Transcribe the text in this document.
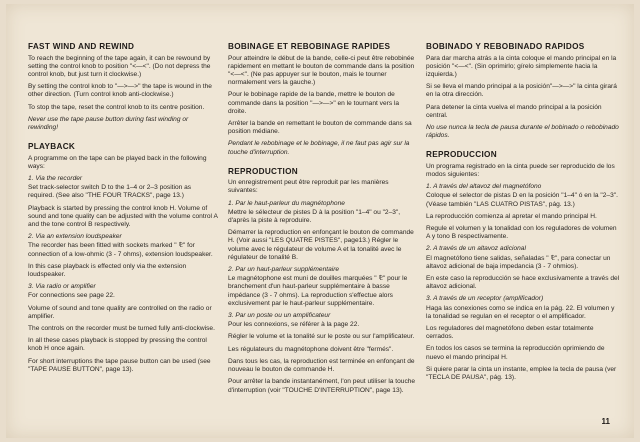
FAST WIND AND REWIND

To reach the beginning of the tape again, it can be rewound by setting the control knob to position "<—<". (Do not depress the control knob, but just turn it clockwise.)

By setting the control knob to "—>—>" the tape is wound in the other direction. (Turn control knob anti-clockwise.)

To stop the tape, reset the control knob to its centre position.

Never use the tape pause button during fast winding or rewinding!

PLAYBACK

A programme on the tape can be played back in the following ways:

1. Via the recorder

Set track-selector switch D to the 1–4 or 2–3 position as required. (See also "THE FOUR TRACKS", page 13.)

Playback is started by pressing the control knob H. Volume of sound and tone quality can be adjusted with the volume control A and the tone control B respectively.

2. Via an extension loudspeaker

The recorder has been fitted with sockets marked " ⅊" for connection of a low-ohmic (3 - 7 ohms), extension loudspeaker.

In this case playback is effected only via the extension loudspeaker.

3. Via radio or amplifier

For connections see page 22.

Volume of sound and tone quality are controlled on the radio or amplifier.

The controls on the recorder must be turned fully anti-clockwise.

In all these cases playback is stopped by pressing the control knob H once again.

For short interruptions the tape pause button can be used (see "TAPE PAUSE BUTTON", page 13).

BOBINAGE ET REBOBINAGE RAPIDES

Pour atteindre le début de la bande, celle-ci peut être rebobinée rapidement en mettant le bouton de commande dans la position "<—<". (Ne pas appuyer sur le bouton, mais le tourner normalement vers la gauche.)

Pour le bobinage rapide de la bande, mettre le bouton de commande dans la position "—>—>" en le tournant vers la droite.

Arrêter la bande en remettant le bouton de commande dans sa position médiane.

Pendant le rebobinage et le bobinage, il ne faut pas agir sur la touche d'interruption.

REPRODUCTION

Un enregistrement peut être reproduit par les manières suivantes:

1. Par le haut-parleur du magnétophone

Mettre le sélecteur de pistes D à la position "1–4" ou "2–3", d'après la piste à reproduire.

Démarrer la reproduction en enfonçant le bouton de commande H. (Voir aussi "LES QUATRE PISTES", page13.) Régler le volume avec le régulateur de volume A et la tonalité avec le régulateur de tonalité B.

2. Par un haut-parleur supplémentaire

Le magnétophone est muni de douilles marquées " ⅊" pour le branchement d'un haut-parleur supplémentaire à basse impédance (3 - 7 ohms). La reproduction s'effectue alors exclusivement par le haut-parleur supplémentaire.

3. Par un poste ou un amplificateur

Pour les connexions, se référer à la page 22.

Régler le volume et la tonalité sur le poste ou sur l'amplificateur.

Les régulateurs du magnétophone doivent être "fermés".

Dans tous les cas, la reproduction est terminée en enfonçant de nouveau le bouton de commande H.

Pour arrêter la bande instantanément, l'on peut utiliser la touche d'interruption (voir "TOUCHE D'INTERRUPTION", page 13).

BOBINADO Y REBOBINADO RAPIDOS

Para dar marcha atrás a la cinta coloque el mando principal en la posición "<—<". (Sin oprimirlo; gírelo simplemente hacia la izquierda.)

Si se lleva el mando principal a la posición"—>—>" la cinta girará en la otra dirección.

Para detener la cinta vuelva el mando principal a la posición central.

No use nunca la tecla de pausa durante el bobinado o rebobinado rápidos.

REPRODUCCION

Un programa registrado en la cinta puede ser reproducido de los modos siguientes:

1. A través del altavoz del magnetófono

Coloque el selector de pistas D en la posición "1–4" ó en la "2–3". (Véase también "LAS CUATRO PISTAS", pág. 13.)

La reproducción comienza al apretar el mando principal H.

Regule el volumen y la tonalidad con los reguladores de volumen A y tono B respectivamente.

2. A través de un altavoz adicional

El magnetófono tiene salidas, señaladas " ⅊", para conectar un altavoz adicional de baja impedancia (3 - 7 ohmios).

En este caso la reproducción se hace exclusivamente a través del altavoz adicional.

3. A través de un receptor (amplificador)

Haga las conexiones como se indica en la pág. 22. El volumen y la tonalidad se regulan en el receptor o el amplificador.

Los reguladores del magnetófono deben estar totalmente cerrados.

En todos los casos se termina la reproducción oprimiendo de nuevo el mando principal H.

Si quiere parar la cinta un instante, emplee la tecla de pausa (ver "TECLA DE PAUSA", pág. 13).

11
